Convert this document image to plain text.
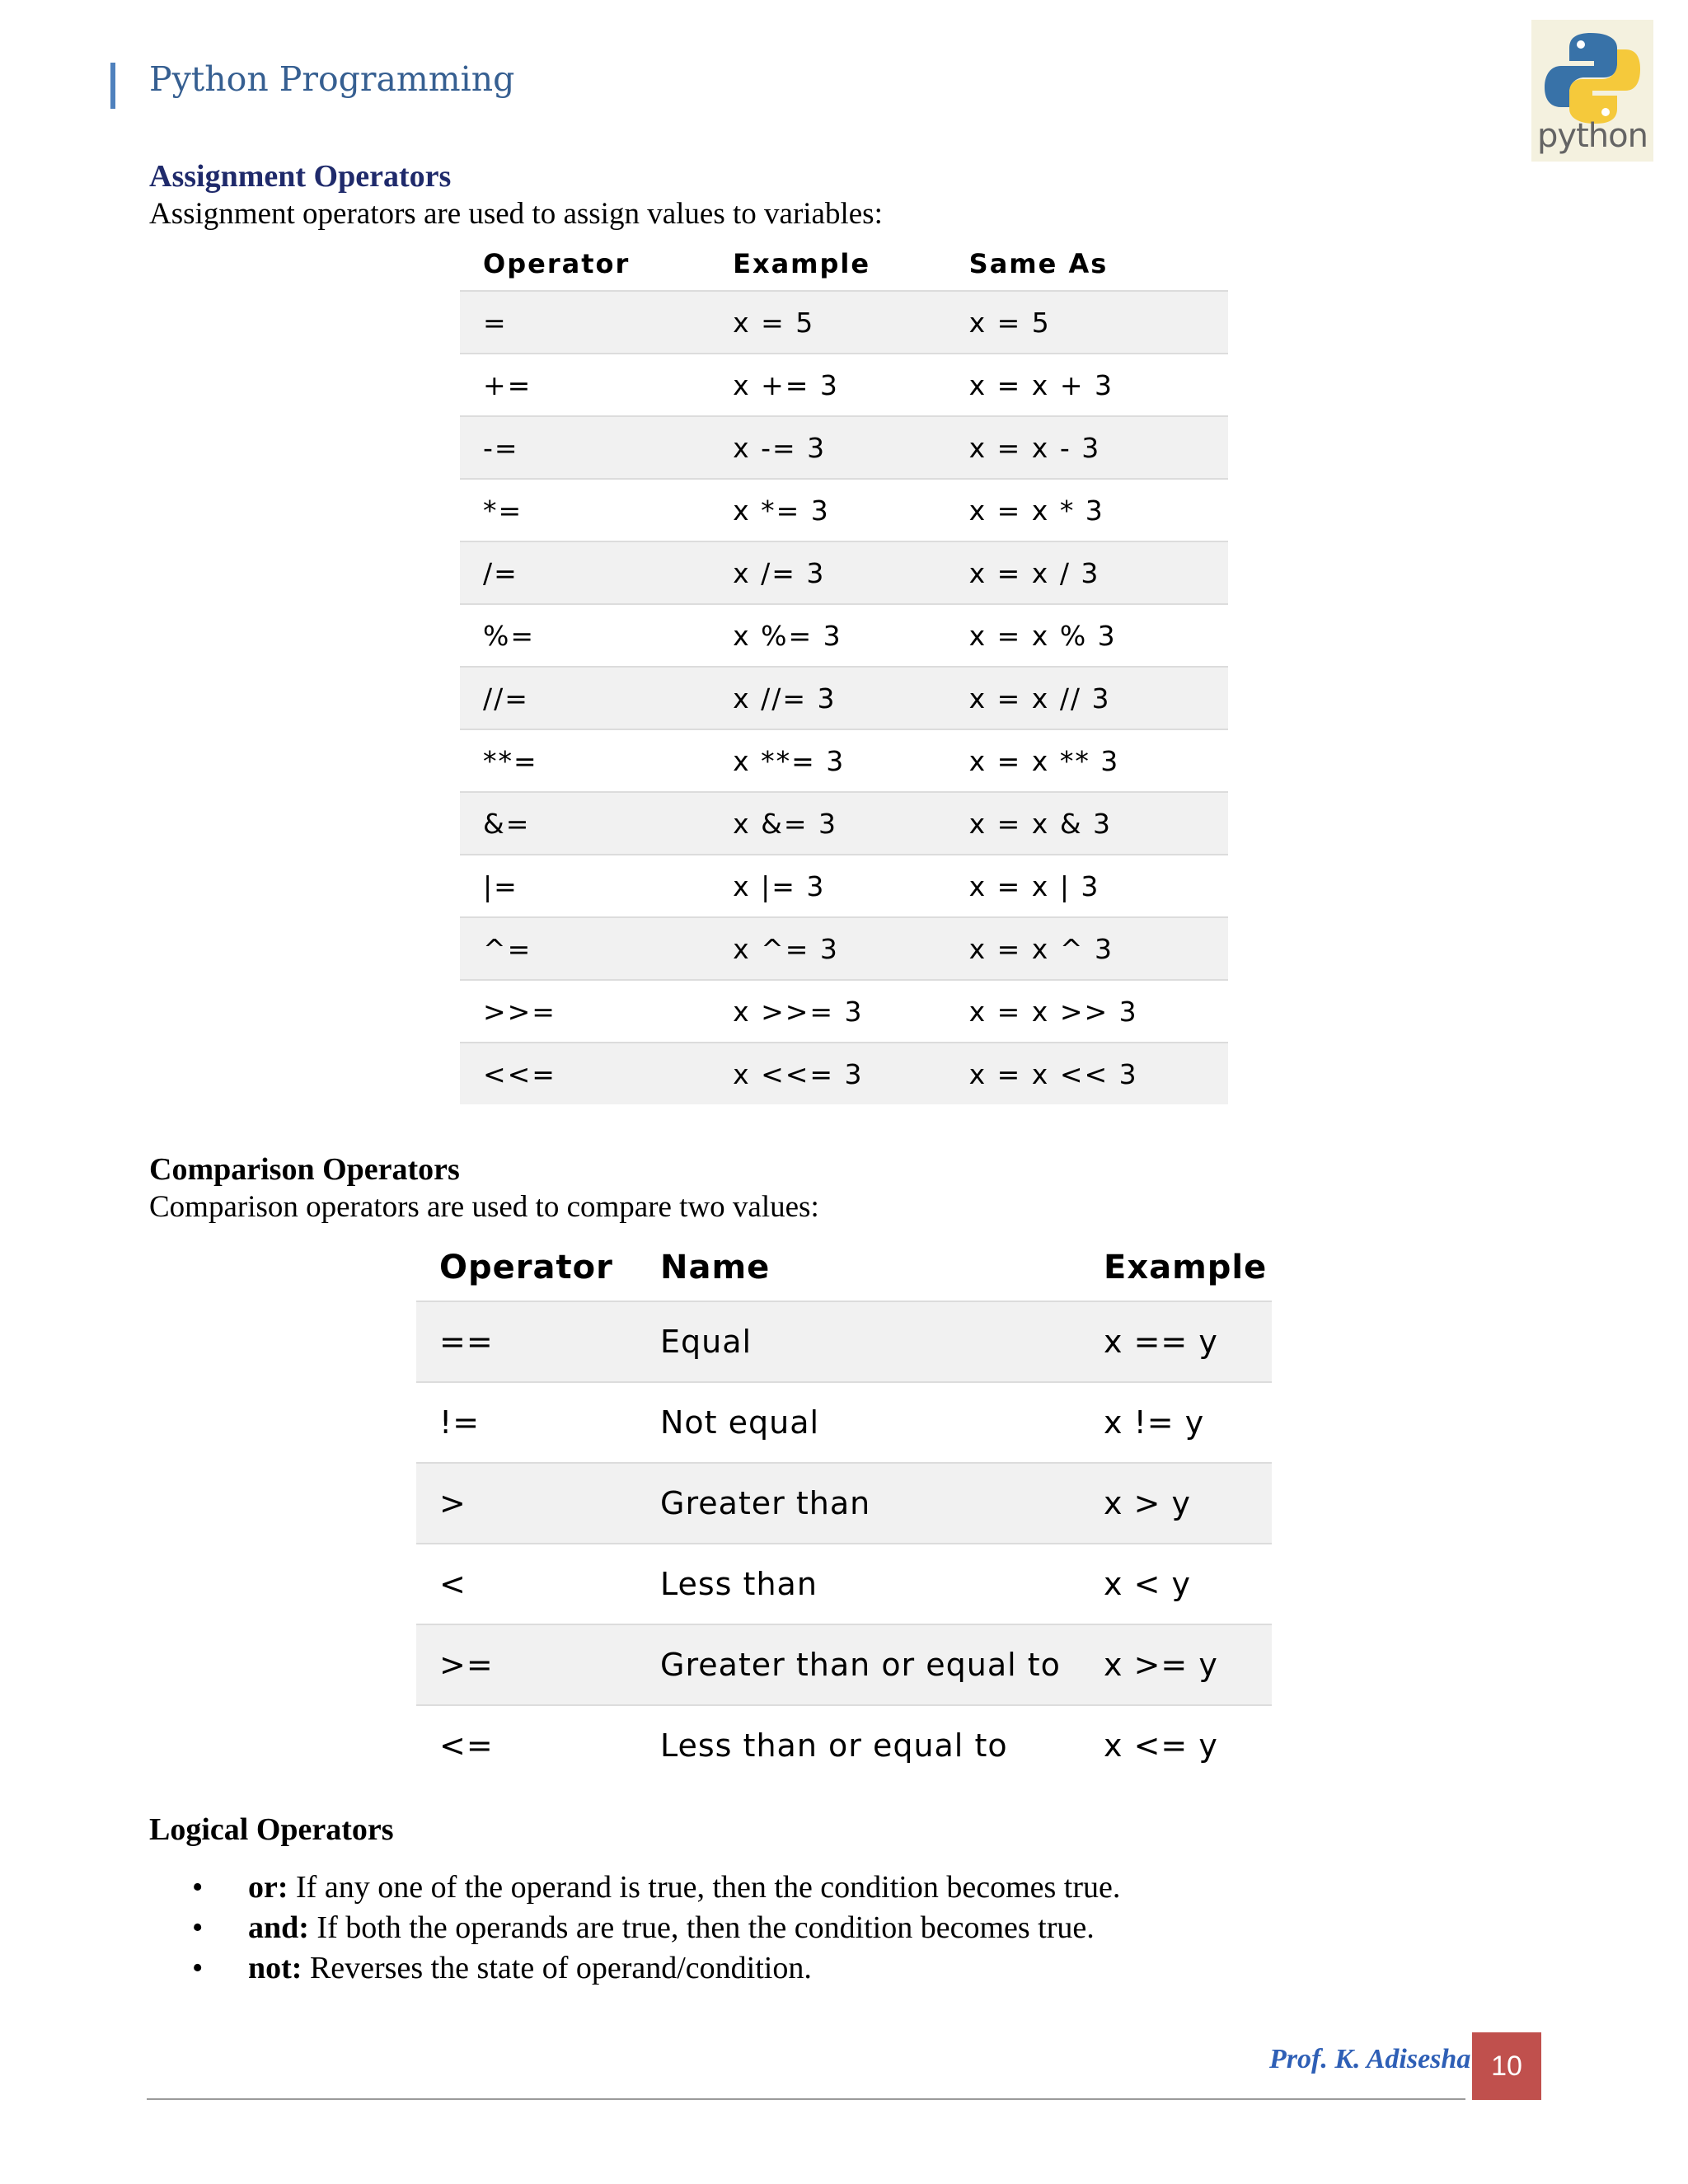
Python Programming
python
Assignment Operators
Assignment operators are used to assign values to variables:
Operator	Example	Same As
=	x = 5	x = 5
+=	x += 3	x = x + 3
-=	x -= 3	x = x - 3
*=	x *= 3	x = x * 3
/=	x /= 3	x = x / 3
%=	x %= 3	x = x % 3
//=	x //= 3	x = x // 3
**=	x **= 3	x = x ** 3
&=	x &= 3	x = x & 3
|=	x |= 3	x = x | 3
^=	x ^= 3	x = x ^ 3
>>=	x >>= 3	x = x >> 3
<<=	x <<= 3	x = x << 3
Comparison Operators
Comparison operators are used to compare two values:
Operator	Name	Example
==	Equal	x == y
!=	Not equal	x != y
>	Greater than	x > y
<	Less than	x < y
>=	Greater than or equal to	x >= y
<=	Less than or equal to	x <= y
Logical Operators
• or: If any one of the operand is true, then the condition becomes true.
• and: If both the operands are true, then the condition becomes true.
• not: Reverses the state of operand/condition.
Prof. K. Adisesha 10
